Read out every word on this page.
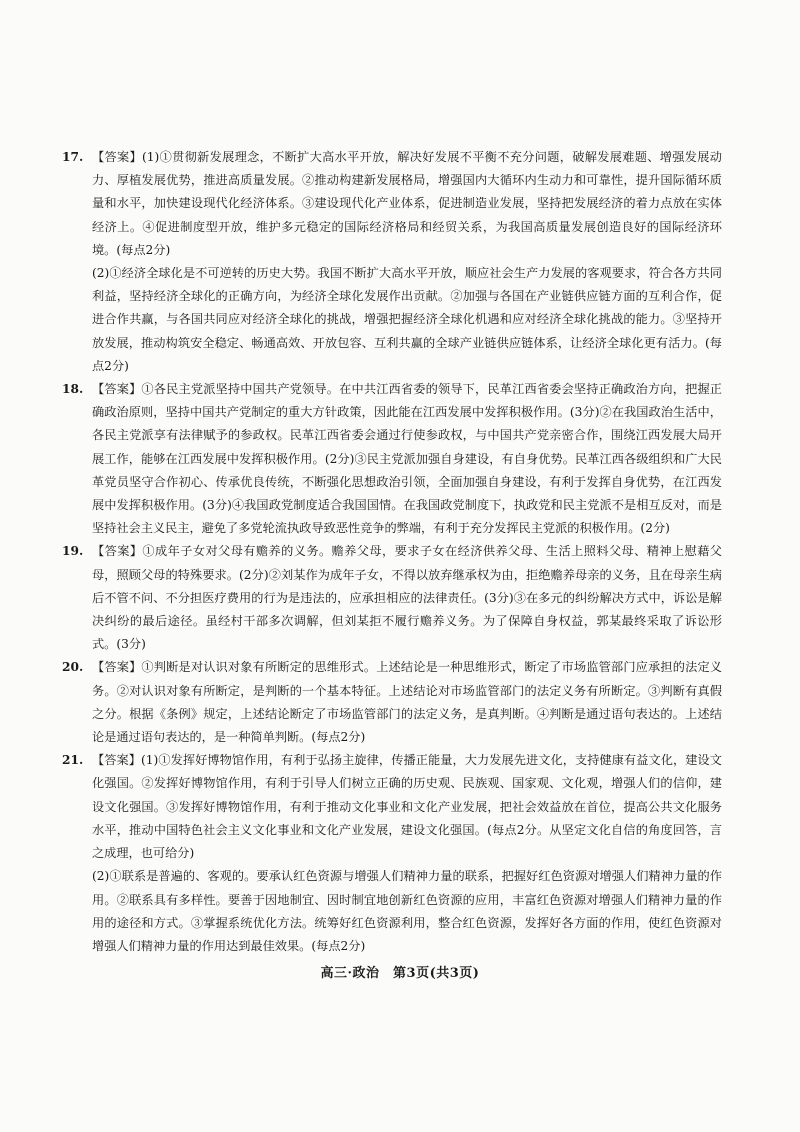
17. 【答案】(1)①贯彻新发展理念，不断扩大高水平开放，解决好发展不平衡不充分问题，破解发展难题、增强发展动力、厚植发展优势，推进高质量发展。②推动构建新发展格局，增强国内大循环内生动力和可靠性，提升国际循环质量和水平，加快建设现代化经济体系。③建设现代化产业体系，促进制造业发展，坚持把发展经济的着力点放在实体经济上。④促进制度型开放，维护多元稳定的国际经济格局和经贸关系，为我国高质量发展创造良好的国际经济环境。(每点2分)
(2)①经济全球化是不可逆转的历史大势。我国不断扩大高水平开放，顺应社会生产力发展的客观要求，符合各方共同利益，坚持经济全球化的正确方向，为经济全球化发展作出贡献。②加强与各国在产业链供应链方面的互利合作，促进合作共赢，与各国共同应对经济全球化的挑战，增强把握经济全球化机遇和应对经济全球化挑战的能力。③坚持开放发展，推动构筑安全稳定、畅通高效、开放包容、互利共赢的全球产业链供应链体系，让经济全球化更有活力。(每点2分)
18. 【答案】①各民主党派坚持中国共产党领导。在中共江西省委的领导下，民革江西省委会坚持正确政治方向，把握正确政治原则，坚持中国共产党制定的重大方针政策，因此能在江西发展中发挥积极作用。(3分)②在我国政治生活中，各民主党派享有法律赋予的参政权。民革江西省委会通过行使参政权，与中国共产党亲密合作，围绕江西发展大局开展工作，能够在江西发展中发挥积极作用。(2分)③民主党派加强自身建设，有自身优势。民革江西各级组织和广大民革党员坚守合作初心、传承优良传统，不断强化思想政治引领，全面加强自身建设，有利于发挥自身优势，在江西发展中发挥积极作用。(3分)④我国政党制度适合我国国情。在我国政党制度下，执政党和民主党派不是相互反对，而是坚持社会主义民主，避免了多党轮流执政导致恶性竞争的弊端，有利于充分发挥民主党派的积极作用。(2分)
19. 【答案】①成年子女对父母有赡养的义务。赡养父母，要求子女在经济供养父母、生活上照料父母、精神上慰藉父母，照顾父母的特殊要求。(2分)②刘某作为成年子女，不得以放弃继承权为由，拒绝赡养母亲的义务，且在母亲生病后不管不问、不分担医疗费用的行为是违法的，应承担相应的法律责任。(3分)③在多元的纠纷解决方式中，诉讼是解决纠纷的最后途径。虽经村干部多次调解，但刘某拒不履行赡养义务。为了保障自身权益，郭某最终采取了诉讼形式。(3分)
20. 【答案】①判断是对认识对象有所断定的思维形式。上述结论是一种思维形式，断定了市场监管部门应承担的法定义务。②对认识对象有所断定，是判断的一个基本特征。上述结论对市场监管部门的法定义务有所断定。③判断有真假之分。根据《条例》规定，上述结论断定了市场监管部门的法定义务，是真判断。④判断是通过语句表达的。上述结论是通过语句表达的，是一种简单判断。(每点2分)
21. 【答案】(1)①发挥好博物馆作用，有利于弘扬主旋律，传播正能量，大力发展先进文化，支持健康有益文化，建设文化强国。②发挥好博物馆作用，有利于引导人们树立正确的历史观、民族观、国家观、文化观，增强人们的信仰，建设文化强国。③发挥好博物馆作用，有利于推动文化事业和文化产业发展，把社会效益放在首位，提高公共文化服务水平，推动中国特色社会主义文化事业和文化产业发展，建设文化强国。(每点2分。从坚定文化自信的角度回答，言之成理，也可给分)
(2)①联系是普遍的、客观的。要承认红色资源与增强人们精神力量的联系，把握好红色资源对增强人们精神力量的作用。②联系具有多样性。要善于因地制宜、因时制宜地创新红色资源的应用，丰富红色资源对增强人们精神力量的作用的途径和方式。③掌握系统优化方法。统筹好红色资源利用，整合红色资源，发挥好各方面的作用，使红色资源对增强人们精神力量的作用达到最佳效果。(每点2分)
高三·政治　第3页(共3页)
